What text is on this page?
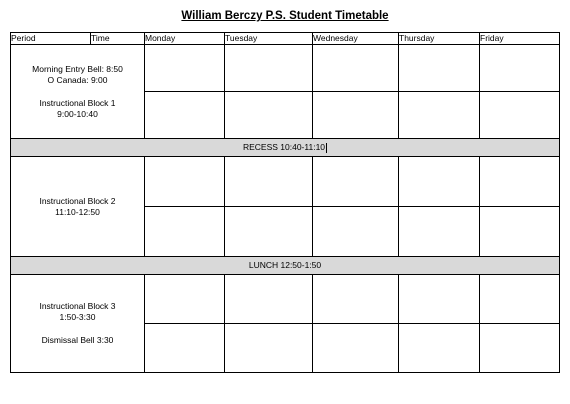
William Berczy P.S. Student Timetable
Period	Time	Monday	Tuesday	Wednesday	Thursday	Friday

Morning Entry Bell: 8:50
O Canada: 9:00
Instructional Block 1
9:00-10:40						

RECESS 10:40-11:10						

Instructional Block 2
11:10-12:50						

LUNCH 12:50-1:50						

Instructional Block 3
1:50-3:30
Dismissal Bell 3:30						
